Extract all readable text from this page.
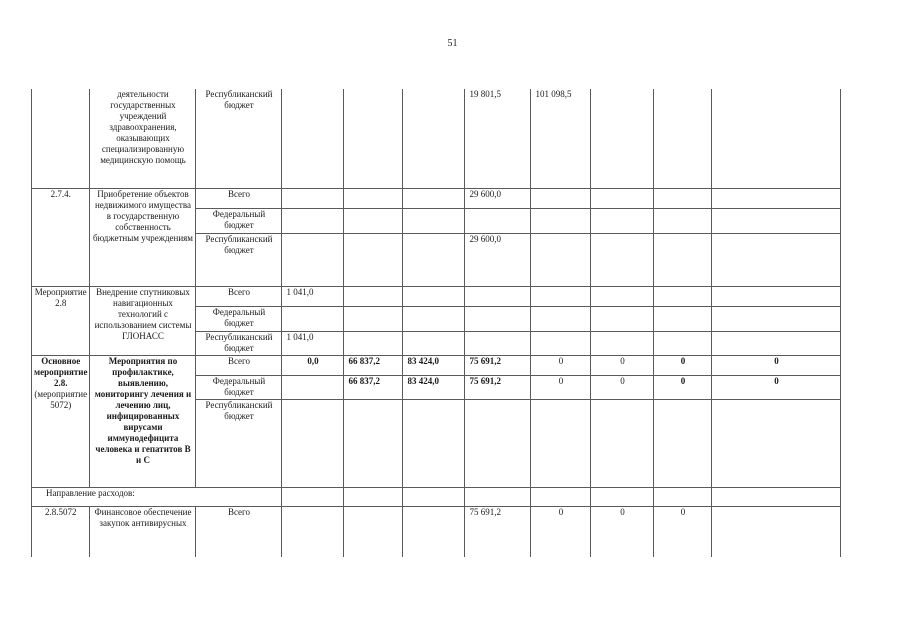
51
	деятельности государственных учреждений здравоохранения, оказывающих специализированную медицинскую помощь	Республиканский бюджет				19 801,5	101 098,5			
2.7.4.	Приобретение объектов недвижимого имущества в государственную собственность бюджетным учреждениям	Всего				29 600,0				
		Федеральный бюджет								
		Республиканский бюджет				29 600,0				
Мероприятие 2.8	Внедрение спутниковых навигационных технологий с использованием системы ГЛОНАСС	Всего	1 041,0							
		Федеральный бюджет								
		Республиканский бюджет	1 041,0							
Основное мероприятие 2.8. (мероприятие 5072)	Мероприятия по профилактике, выявлению, мониторингу лечения и лечению лиц, инфицированных вирусами иммунодефицита человека и гепатитов В и С	Всего	0,0	66 837,2	83 424,0	75 691,2	0	0	0	0
		Федеральный бюджет		66 837,2	83 424,0	75 691,2	0	0	0	0
		Республиканский бюджет								
Направление расходов:										
2.8.5072	Финансовое обеспечение закупок антивирусных	Всего				75 691,2	0	0	0	
